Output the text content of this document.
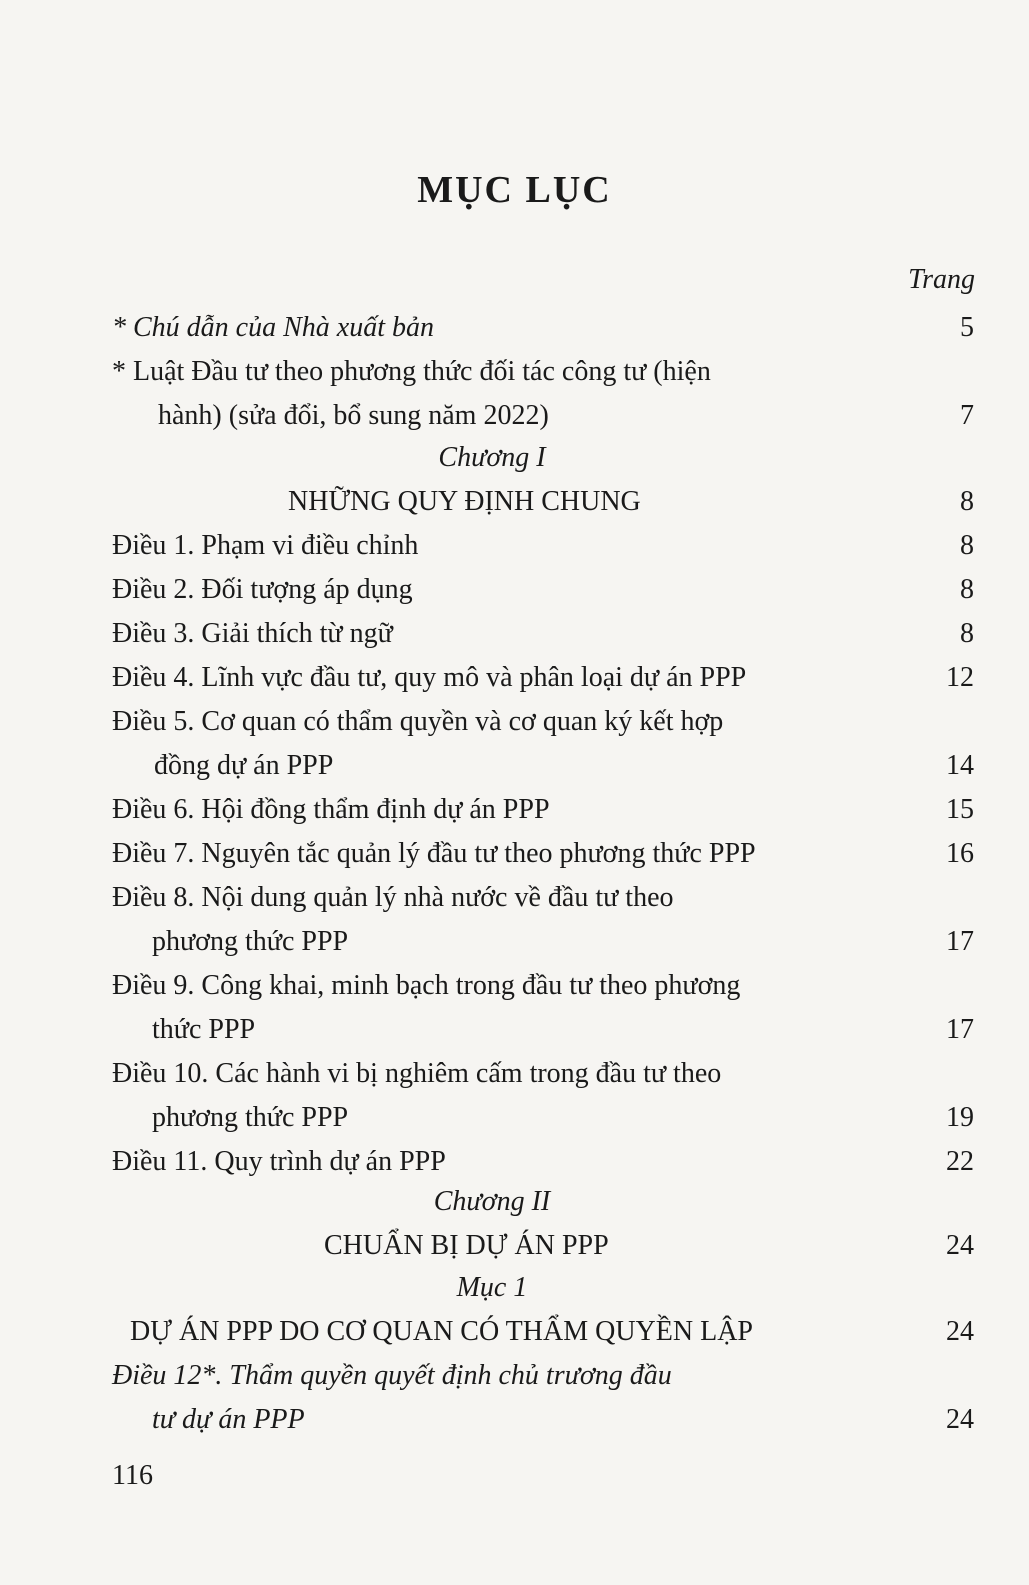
MỤC LỤC
Trang
* Chú dẫn của Nhà xuất bản	5
* Luật Đầu tư theo phương thức đối tác công tư (hiện
hành) (sửa đổi, bổ sung năm 2022)	7
Chương I
NHỮNG QUY ĐỊNH CHUNG	8
Điều 1. Phạm vi điều chỉnh	8
Điều 2. Đối tượng áp dụng	8
Điều 3. Giải thích từ ngữ	8
Điều 4. Lĩnh vực đầu tư, quy mô và phân loại dự án PPP	12
Điều 5. Cơ quan có thẩm quyền và cơ quan ký kết hợp
đồng dự án PPP	14
Điều 6. Hội đồng thẩm định dự án PPP	15
Điều 7. Nguyên tắc quản lý đầu tư theo phương thức PPP	16
Điều 8. Nội dung quản lý nhà nước về đầu tư theo
phương thức PPP	17
Điều 9. Công khai, minh bạch trong đầu tư theo phương
thức PPP	17
Điều 10. Các hành vi bị nghiêm cấm trong đầu tư theo
phương thức PPP	19
Điều 11. Quy trình dự án PPP	22
Chương II
CHUẨN BỊ DỰ ÁN PPP	24
Mục 1
DỰ ÁN PPP DO CƠ QUAN CÓ THẨM QUYỀN LẬP	24
Điều 12*. Thẩm quyền quyết định chủ trương đầu
tư dự án PPP	24
116
